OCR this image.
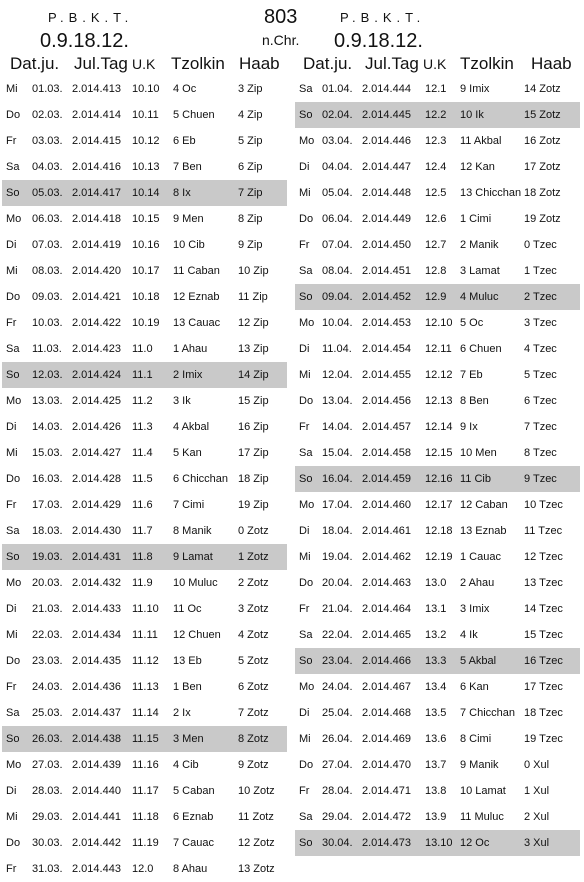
P.B.K.T.
0.9.18.12.
803
n.Chr.
P.B.K.T.
0.9.18.12.
Dat.ju. Jul.Tag U.K Tzolkin Haab
Mi 01.03. 2.014.413 10.10 4 Oc	3 Zip
Do 02.03. 2.014.414 10.11 5 Chuen 4 Zip
Fr 03.03. 2.014.415 10.12 6 Eb	5 Zip
Sa 04.03. 2.014.416 10.13 7 Ben	6 Zip
So 05.03. 2.014.417 10.14 8 Ix	7 Zip
Mo 06.03. 2.014.418 10.15 9 Men	8 Zip
Di 07.03. 2.014.419 10.16 10 Cib	9 Zip
Mi 08.03. 2.014.420 10.17 11 Caban 10 Zip
Do 09.03. 2.014.421 10.18 12 Eznab 11 Zip
Fr 10.03. 2.014.422 10.19 13 Cauac 12 Zip
Sa 11.03. 2.014.423 11.0 1 Ahau	13 Zip
So 12.03. 2.014.424 11.1 2 Imix	14 Zip
Mo 13.03. 2.014.425 11.2 3 Ik	15 Zip
Di 14.03. 2.014.426 11.3 4 Akbal	16 Zip
Mi 15.03. 2.014.427 11.4 5 Kan	17 Zip
Do 16.03. 2.014.428 11.5 6 Chicchan 18 Zip
Fr 17.03. 2.014.429 11.6 7 Cimi	19 Zip
Sa 18.03. 2.014.430 11.7 8 Manik 0 Zotz
So 19.03. 2.014.431 11.8 9 Lamat 1 Zotz
Mo 20.03. 2.014.432 11.9 10 Muluc 2 Zotz
Di 21.03. 2.014.433 11.10 11 Oc	3 Zotz
Mi 22.03. 2.014.434 11.11 12 Chuen 4 Zotz
Do 23.03. 2.014.435 11.12 13 Eb	5 Zotz
Fr 24.03. 2.014.436 11.13 1 Ben	6 Zotz
Sa 25.03. 2.014.437 11.14 2 Ix	7 Zotz
So 26.03. 2.014.438 11.15 3 Men	8 Zotz
Mo 27.03. 2.014.439 11.16 4 Cib	9 Zotz
Di 28.03. 2.014.440 11.17 5 Caban 10 Zotz
Mi 29.03. 2.014.441 11.18 6 Eznab 11 Zotz
Do 30.03. 2.014.442 11.19 7 Cauac 12 Zotz
Fr 31.03. 2.014.443 12.0 8 Ahau	13 Zotz
Dat.ju. Jul.Tag U.K Tzolkin Haab
Sa 01.04. 2.014.444 12.1 9 Imix	14 Zotz
So 02.04. 2.014.445 12.2 10 Ik	15 Zotz
Mo 03.04. 2.014.446 12.3 11 Akbal 16 Zotz
Di 04.04. 2.014.447 12.4 12 Kan	17 Zotz
Mi 05.04. 2.014.448 12.5 13 Chicchan 18 Zotz
Do 06.04. 2.014.449 12.6 1 Cimi	19 Zotz
Fr 07.04. 2.014.450 12.7 2 Manik 0 Tzec
Sa 08.04. 2.014.451 12.8 3 Lamat 1 Tzec
So 09.04. 2.014.452 12.9 4 Muluc 2 Tzec
Mo 10.04. 2.014.453 12.10 5 Oc	3 Tzec
Di 11.04. 2.014.454 12.11 6 Chuen 4 Tzec
Mi 12.04. 2.014.455 12.12 7 Eb	5 Tzec
Do 13.04. 2.014.456 12.13 8 Ben	6 Tzec
Fr 14.04. 2.014.457 12.14 9 Ix	7 Tzec
Sa 15.04. 2.014.458 12.15 10 Men 8 Tzec
So 16.04. 2.014.459 12.16 11 Cib	9 Tzec
Mo 17.04. 2.014.460 12.17 12 Caban 10 Tzec
Di 18.04. 2.014.461 12.18 13 Eznab 11 Tzec
Mi 19.04. 2.014.462 12.19 1 Cauac 12 Tzec
Do 20.04. 2.014.463 13.0 2 Ahau	13 Tzec
Fr 21.04. 2.014.464 13.1 3 Imix	14 Tzec
Sa 22.04. 2.014.465 13.2 4 Ik	15 Tzec
So 23.04. 2.014.466 13.3 5 Akbal	16 Tzec
Mo 24.04. 2.014.467 13.4 6 Kan	17 Tzec
Di 25.04. 2.014.468 13.5 7 Chicchan 18 Tzec
Mi 26.04. 2.014.469 13.6 8 Cimi	19 Tzec
Do 27.04. 2.014.470 13.7 9 Manik 0 Xul
Fr 28.04. 2.014.471 13.8 10 Lamat 1 Xul
Sa 29.04. 2.014.472 13.9 11 Muluc 2 Xul
So 30.04. 2.014.473 13.10 12 Oc	3 Xul
